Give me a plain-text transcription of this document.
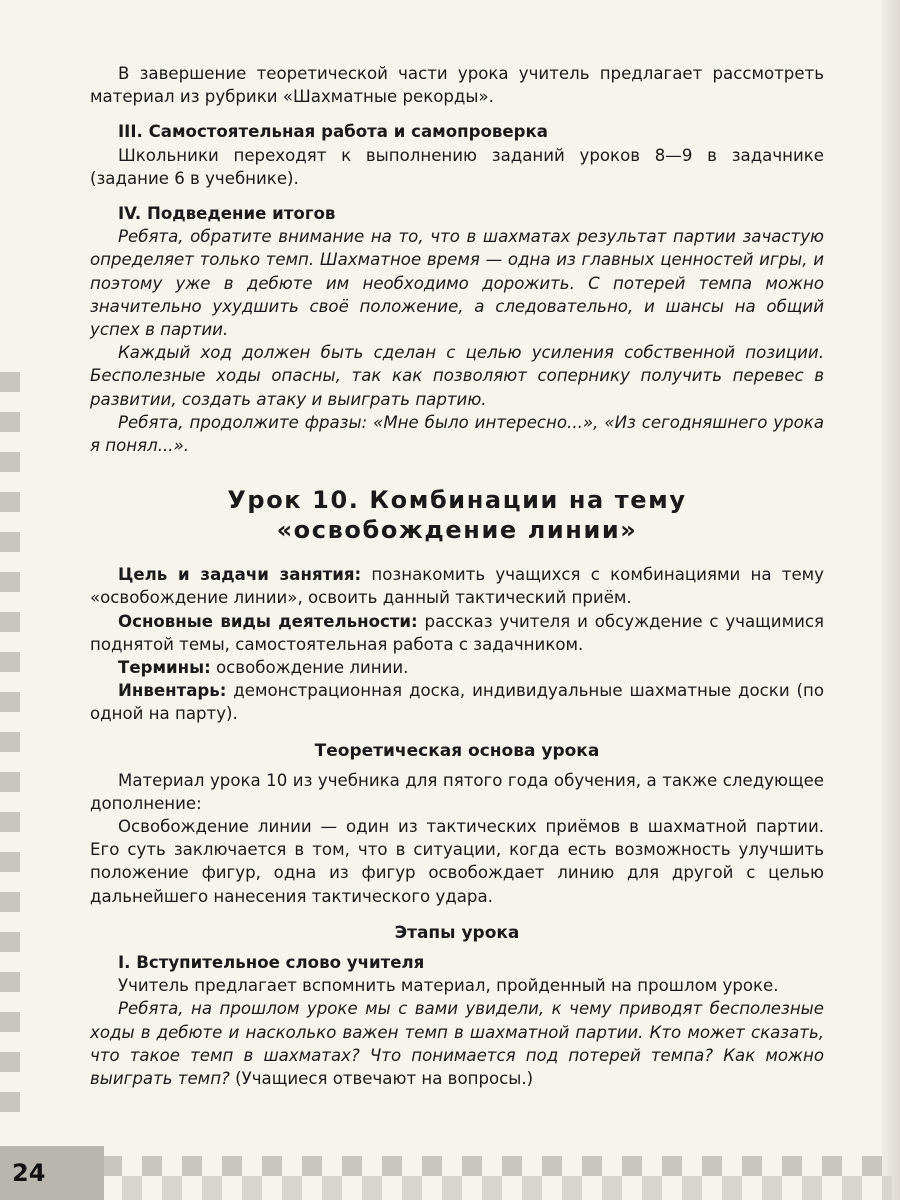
В завершение теоретической части урока учитель предлагает рассмотреть материал из рубрики «Шахматные рекорды».

III. Самостоятельная работа и самопроверка

Школьники переходят к выполнению заданий уроков 8—9 в задачнике (задание 6 в учебнике).

IV. Подведение итогов

Ребята, обратите внимание на то, что в шахматах результат партии зачастую определяет только темп. Шахматное время — одна из главных ценностей игры, и поэтому уже в дебюте им необходимо дорожить. С потерей темпа можно значительно ухудшить своё положение, а следовательно, и шансы на общий успех в партии.

Каждый ход должен быть сделан с целью усиления собственной позиции. Бесполезные ходы опасны, так как позволяют сопернику получить перевес в развитии, создать атаку и выиграть партию.

Ребята, продолжите фразы: «Мне было интересно...», «Из сегодняшнего урока я понял...».

Урок 10. Комбинации на тему
«освобождение линии»

Цель и задачи занятия: познакомить учащихся с комбинациями на тему «освобождение линии», освоить данный тактический приём.

Основные виды деятельности: рассказ учителя и обсуждение с учащимися поднятой темы, самостоятельная работа с задачником.

Термины: освобождение линии.

Инвентарь: демонстрационная доска, индивидуальные шахматные доски (по одной на парту).

Теоретическая основа урока

Материал урока 10 из учебника для пятого года обучения, а также следующее дополнение:

Освобождение линии — один из тактических приёмов в шахматной партии. Его суть заключается в том, что в ситуации, когда есть возможность улучшить положение фигур, одна из фигур освобождает линию для другой с целью дальнейшего нанесения тактического удара.

Этапы урока
I. Вступительное слово учителя

Учитель предлагает вспомнить материал, пройденный на прошлом уроке.

Ребята, на прошлом уроке мы с вами увидели, к чему приводят бесполезные ходы в дебюте и насколько важен темп в шахматной партии. Кто может сказать, что такое темп в шахматах? Что понимается под потерей темпа? Как можно выиграть темп? (Учащиеся отвечают на вопросы.)

24
